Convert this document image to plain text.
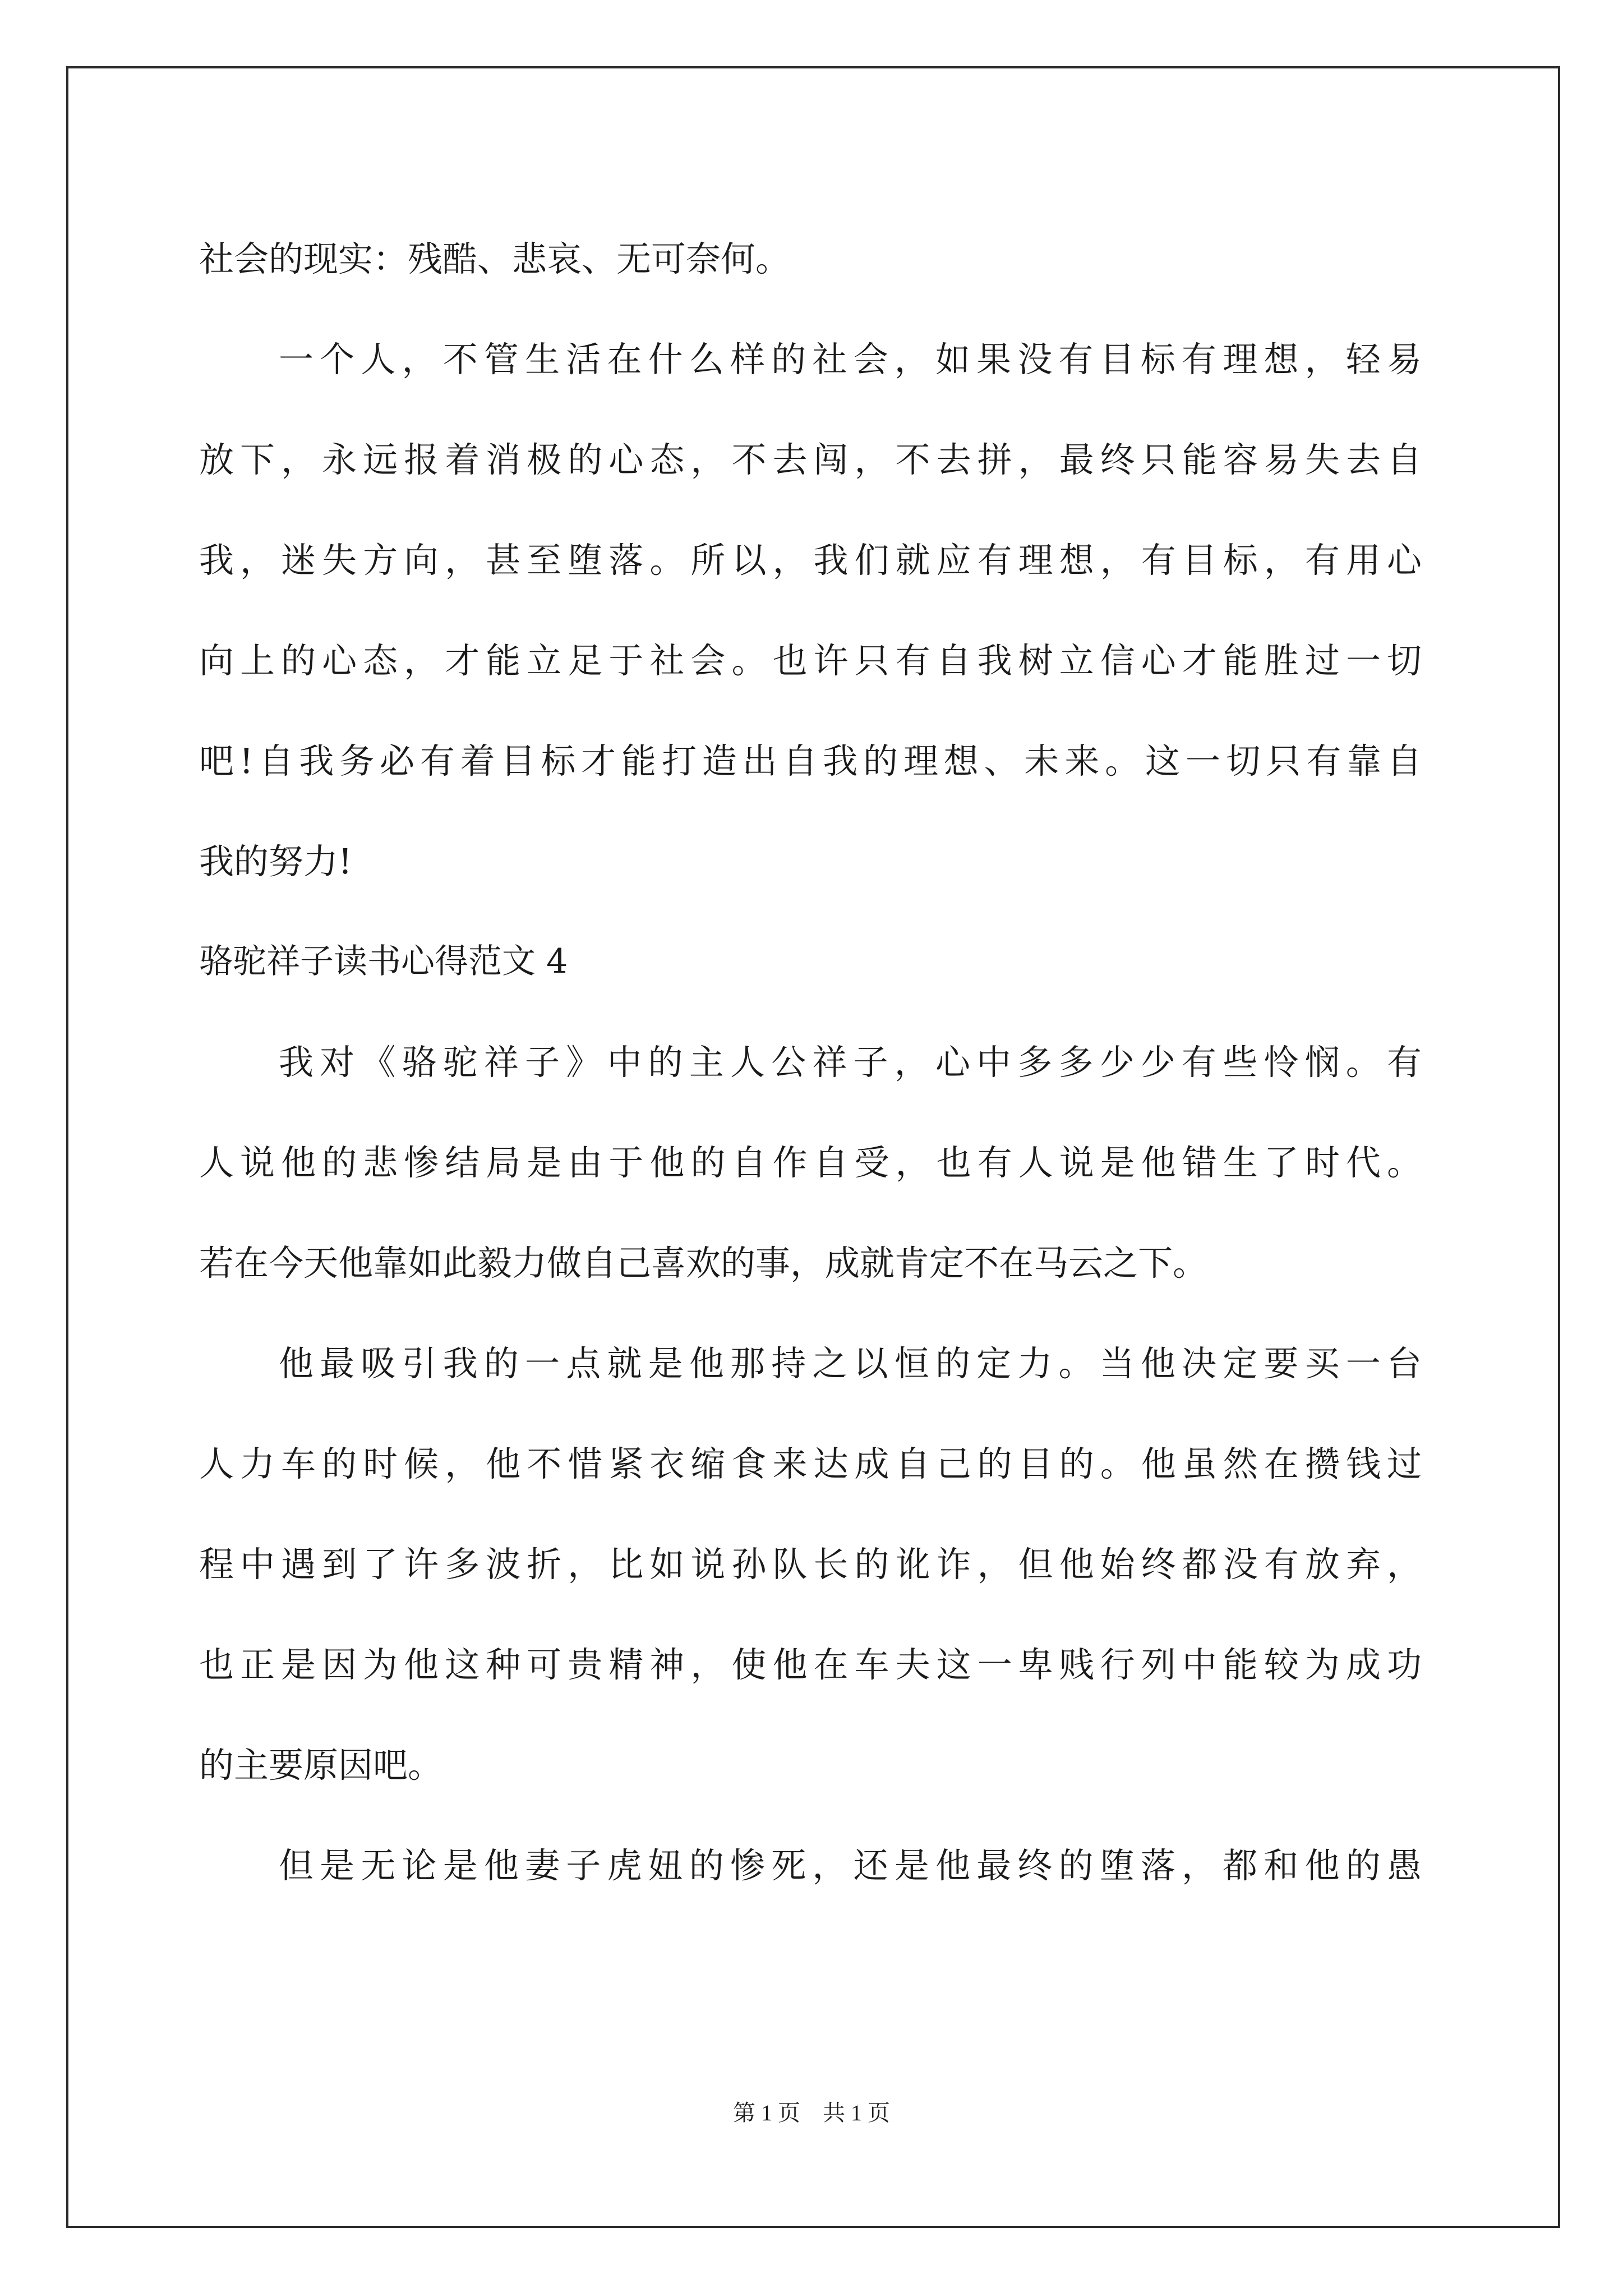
社会的现实：残酷、悲哀、无可奈何。
一个人，不管生活在什么样的社会，如果没有目标有理想，轻易
放下，永远报着消极的心态，不去闯，不去拼，最终只能容易失去自
我，迷失方向，甚至堕落。所以，我们就应有理想，有目标，有用心
向上的心态，才能立足于社会。也许只有自我树立信心才能胜过一切
吧!自我务必有着目标才能打造出自我的理想、未来。这一切只有靠自
我的努力!
骆驼祥子读书心得范文 4
我对《骆驼祥子》中的主人公祥子，心中多多少少有些怜悯。有
人说他的悲惨结局是由于他的自作自受，也有人说是他错生了时代。
若在今天他靠如此毅力做自己喜欢的事，成就肯定不在马云之下。
他最吸引我的一点就是他那持之以恒的定力。当他决定要买一台
人力车的时候，他不惜紧衣缩食来达成自己的目的。他虽然在攒钱过
程中遇到了许多波折，比如说孙队长的讹诈，但他始终都没有放弃，
也正是因为他这种可贵精神，使他在车夫这一卑贱行列中能较为成功
的主要原因吧。
但是无论是他妻子虎妞的惨死，还是他最终的堕落，都和他的愚
第 1 页 共 1 页
